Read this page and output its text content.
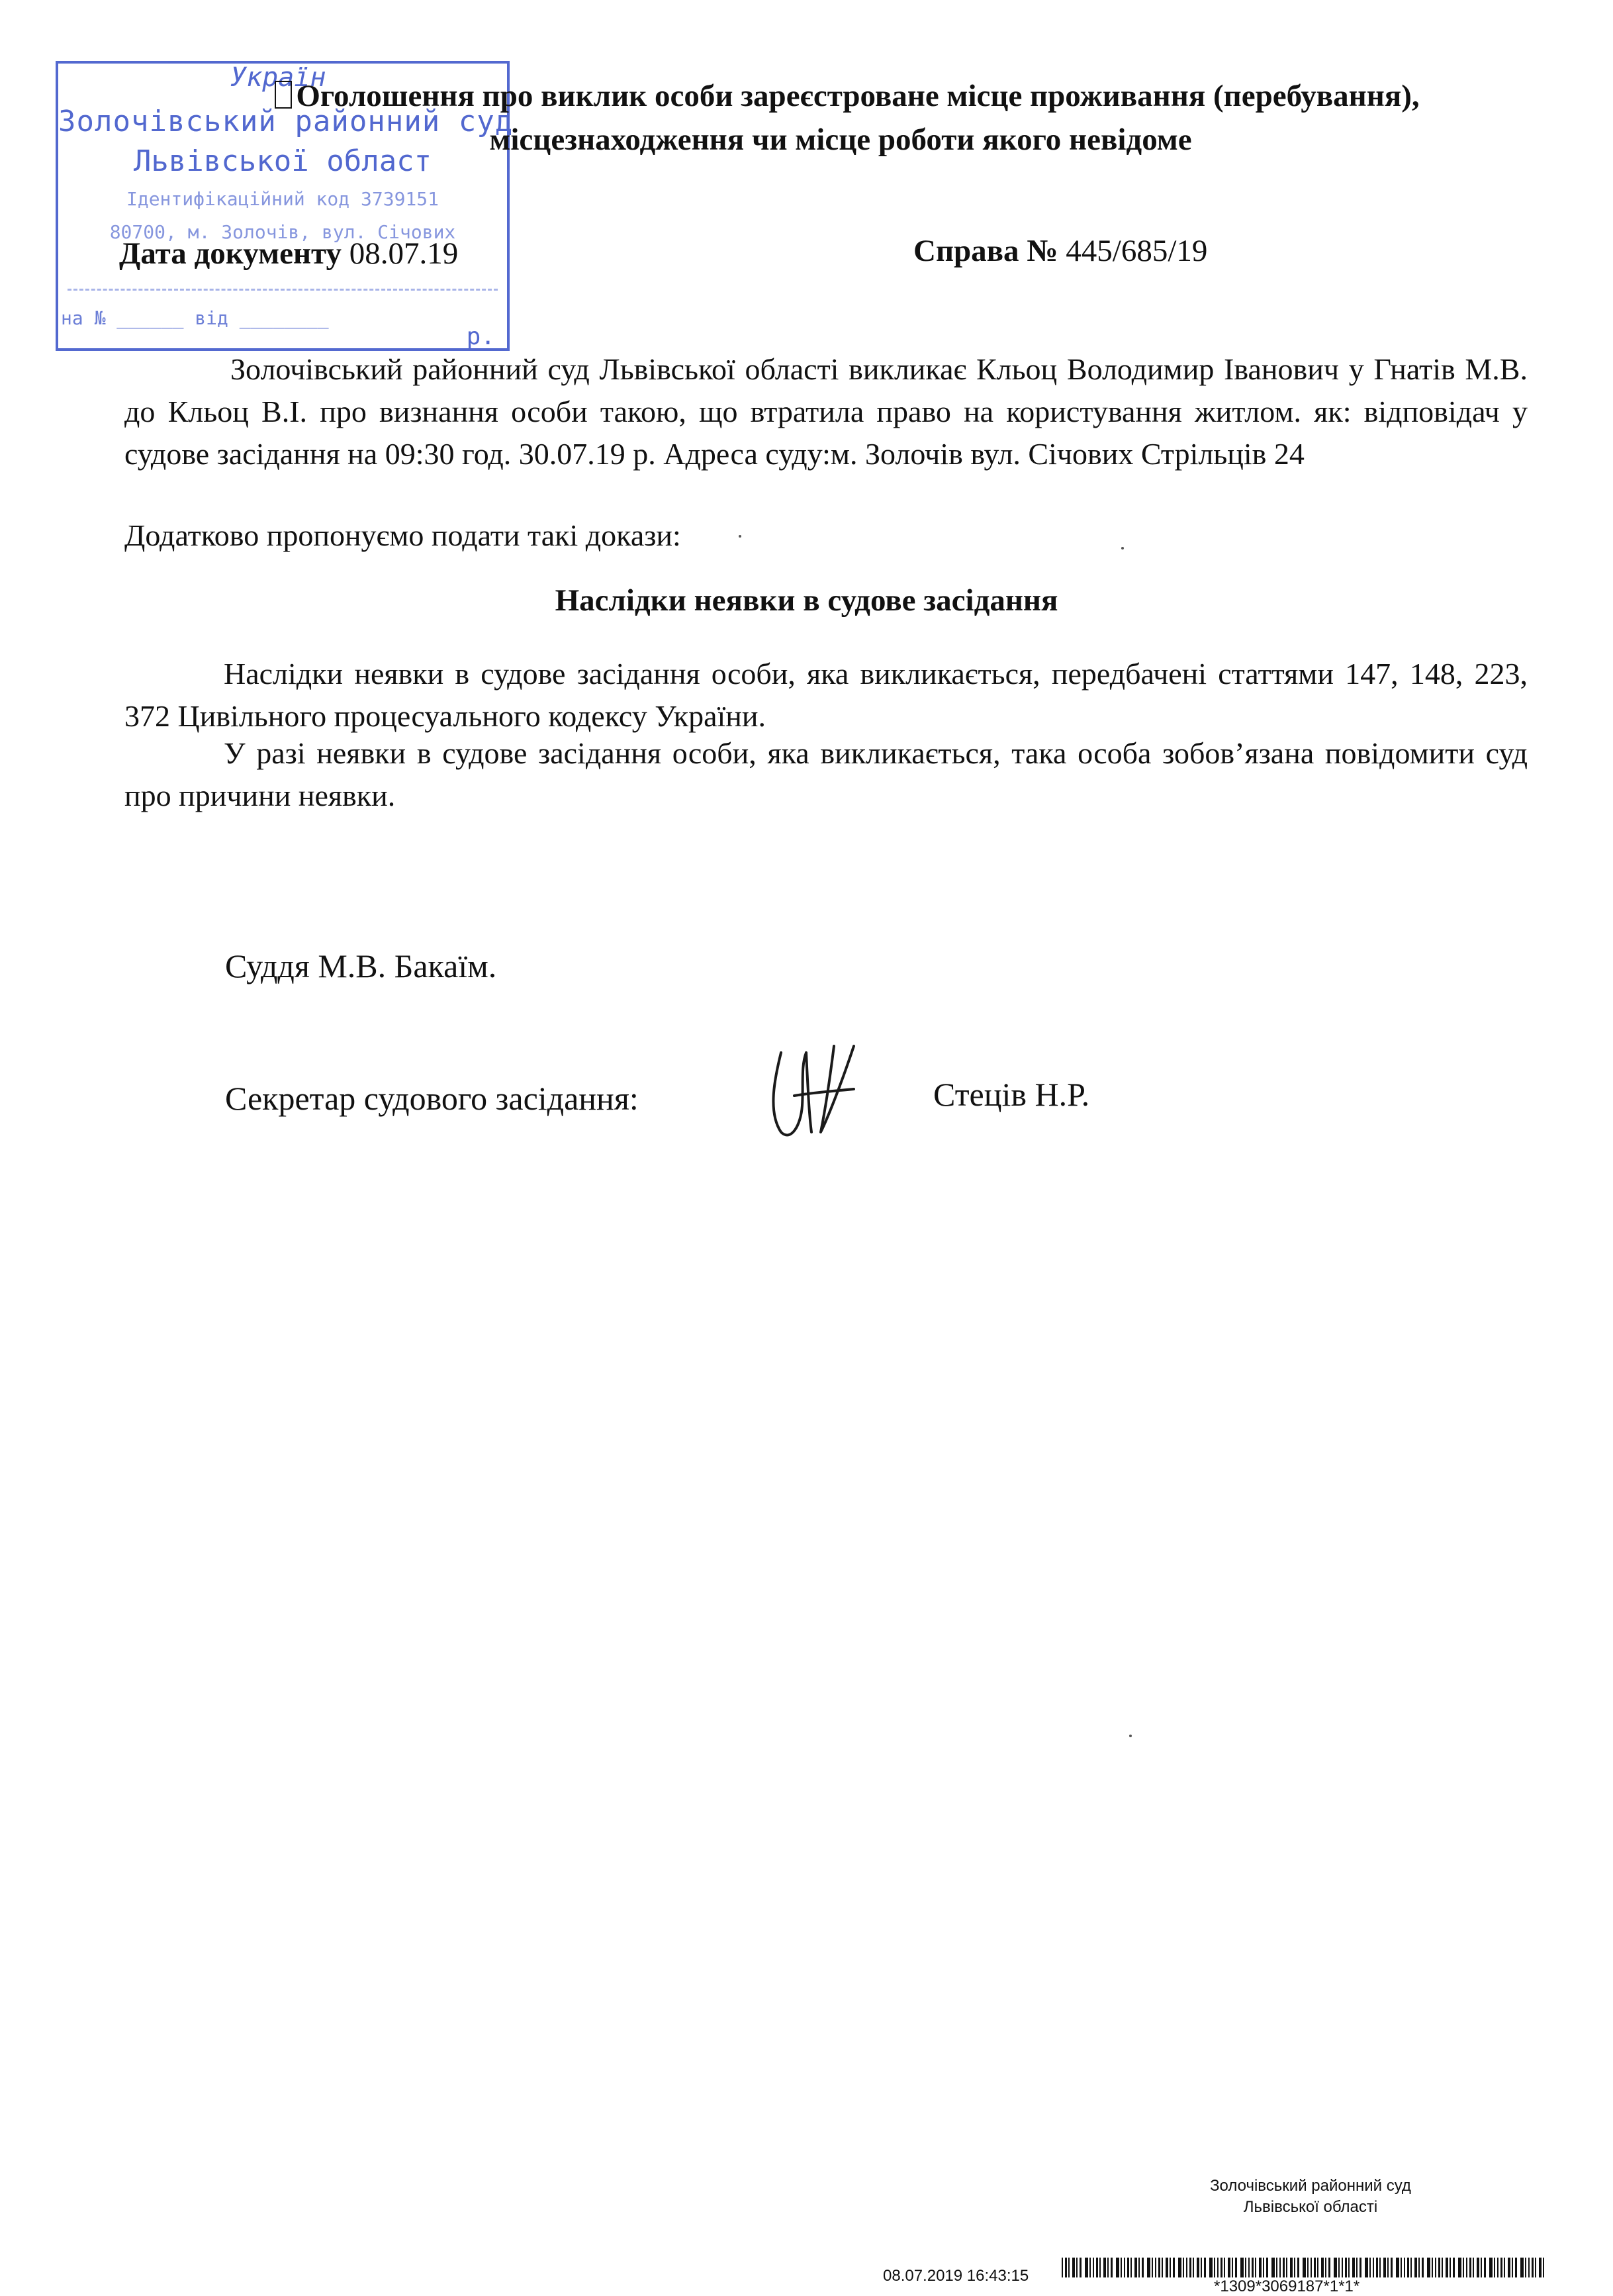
Україн
Золочівський районний суд
Львівської област
Ідентифікаційний код 3739151
80700, м. Золочів, вул. Січових
на № ______ від ________
р.
Оголошення про виклик особи зареєстроване місце проживання (перебування),
місцезнаходження чи місце роботи якого невідоме
Дата документу 08.07.19	Справа № 445/685/19
Золочівський районний суд Львівської області викликає Кльоц Володимир Іванович у Гнатів М.В. до Кльоц В.І. про визнання особи такою, що втратила право на користування житлом. як: відповідач у судове засідання на 09:30 год. 30.07.19 р. Адреса суду:м. Золочів вул. Січових Стрільців 24
Додатково пропонуємо подати такі докази:
Наслідки неявки в судове засідання
Наслідки неявки в судове засідання особи, яка викликається, передбачені статтями 147, 148, 223, 372 Цивільного процесуального кодексу України.
У разі неявки в судове засідання особи, яка викликається, така особа зобов’язана повідомити суд про причини неявки.
Суддя М.В. Бакаїм.
Секретар судового засідання:	Стеців Н.Р.
Золочівський районний суд
Львівської області
08.07.2019 16:43:15
*1309*3069187*1*1*
